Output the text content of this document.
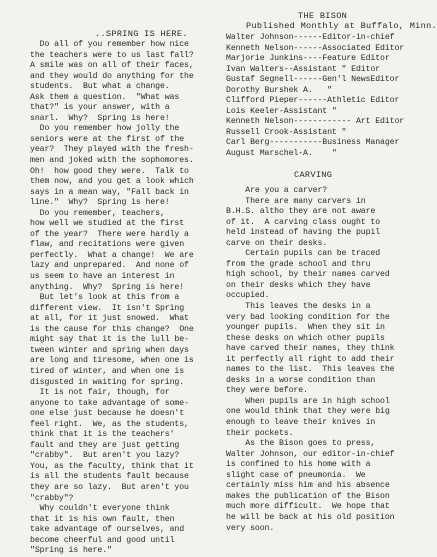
..SPRING IS HERE.

Do all of you remember how nice

the teachers were to us last fall?

A smile was on all of their faces,

and they would do anything for the

students.  But what a change.

Ask them a question.  "What was

that?" is your answer, with a

snarl.  Why?  Spring is here!

Do you remember how jolly the

seniors were at the first of the

year?  They played with the fresh-

men and joked with the sophomores.

Oh!  how good they were.  Talk to

them now, and you get a look which

says in a mean way, "Fall back in

line."  Why?  Spring is here!

Do you remember, teachers,

how well we studied at the first

of the year?  There were hardly a

flaw, and recitations were given

perfectly.  What a change!  We are

lazy and unprepared.  And none of

us seem to have an interest in

anything.  Why?  Spring is here!

But let's look at this from a

different view.  It isn't Spring

at all, for it just snowed.  What

is the cause for this change?  One

might say that it is the lull be-

tween winter and spring when days

are long and tiresome, when one is

tired of winter, and when one is

disgusted in waiting for spring.

It is not fair, though, for

anyone to take advantage of some-

one else just because he doesn't

feel right.  We, as the students,

think that it is the teachers'

fault and they are just getting

"crabby".  But aren't you lazy?

You, as the faculty, think that it

is all the students fault because

they are so lazy.  But aren't you

"crabby"?

Why couldn't everyone think

that it is his own fault, then

take advantage of ourselves, and

become cheerful and good until

"Spring is here."

THE BISON
Published Monthly at Buffalo, Minn.

Walter Johnson------Editor-in-chief

Kenneth Nelson------Associated Editor

Marjorie Junkins----Feature Editor

Ivan Walters--Assistant " Editor

Gustaf Segnell------Gen'l NewsEditor

Dorothy Burshek A.   "

Clifford Pieper------Athletic Editor

Lois Keeler-Assistant "

Kenneth Nelson------------ Art Editor

Russell Crook-Assistant "

Carl Berg-----------Business Manager

August Marschel-A.    "

CARVING

Are you a carver?

There are many carvers in

B.H.S. altho they are not aware

of it.  A carving class ought to

held instead of having the pupil

carve on their desks.

Certain pupils can be traced

from the grade school and thru

high school, by their names carved

on their desks which they have

occupied.

This leaves the desks in a

very bad looking condition for the

younger pupils.  When they sit in

these desks on which other pupils

have carved their names, they think

it perfectly all right to add their

names to the list.  This leaves the

desks in a worse condition than

they were before.

When pupils are in high school

one would think that they were big

enough to leave their knives in

their pockets.

As the Bison goes to press,

Walter Johnson, our editor-in-chief

is confined to his home with a

slight case of pneumonia.  We

certainly miss him and his absence

makes the publication of the Bison

much more difficult.  We hope that

he will be back at his old position

very soon.
